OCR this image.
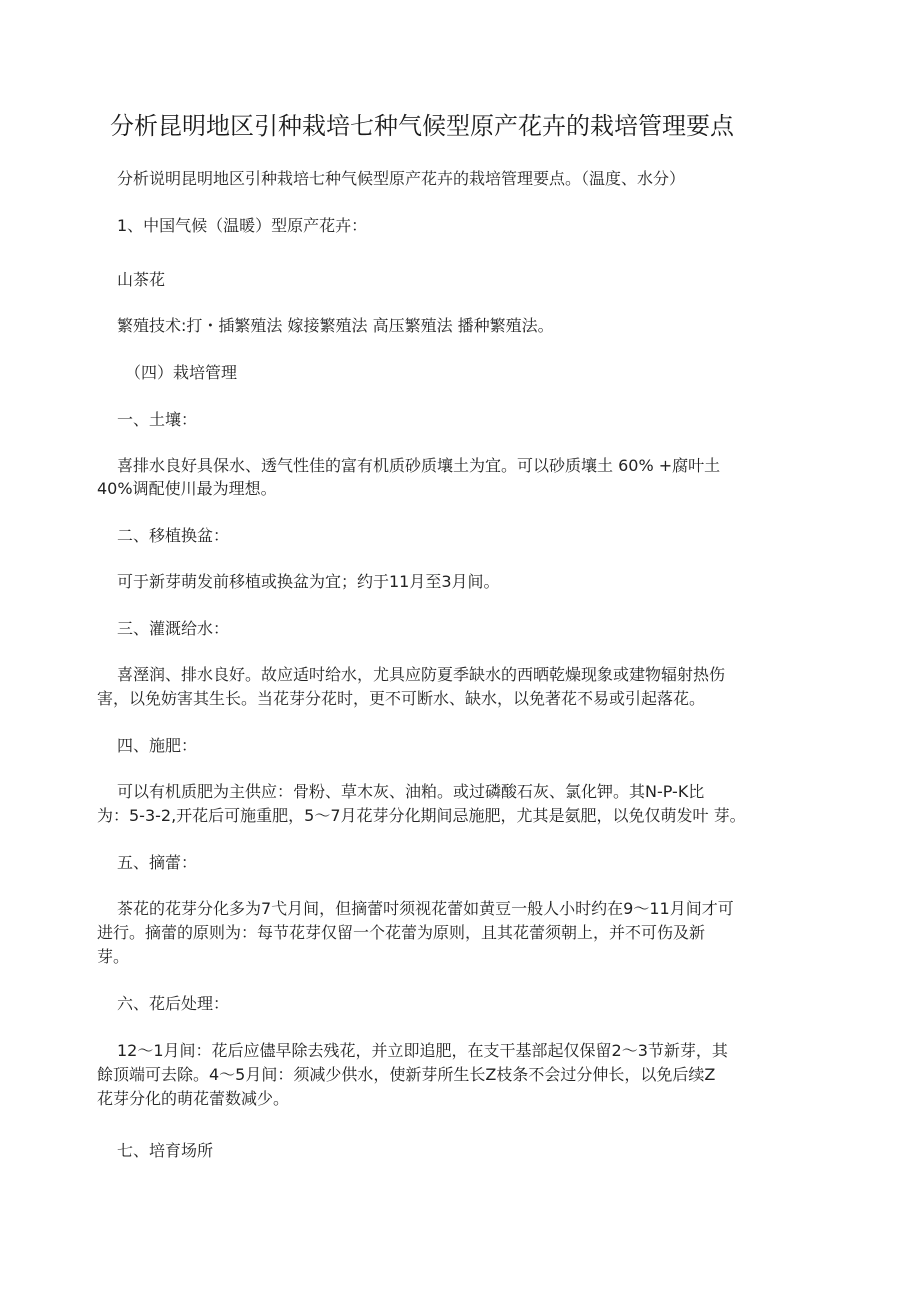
分析昆明地区引种栽培七种气候型原产花卉的栽培管理要点
分析说明昆明地区引种栽培七种气候型原产花卉的栽培管理要点。（温度、水分）
1、中国气候（温暖）型原产花卉：
山茶花
繁殖技术:打・插繁殖法 嫁接繁殖法 高压繁殖法 播种繁殖法。
（四）栽培管理
一、土壤：
喜排水良好具保水、透气性佳的富有机质砂质壤土为宜。可以砂质壤土 60% +腐叶土
40%调配使川最为理想。
二、移植换盆：
可于新芽萌发前移植或换盆为宜；约于11月至3月间。
三、灌溉给水：
喜溼润、排水良好。故应适吋给水，尤具应防夏季缺水的西晒乾燥现象或建物辐射热伤
害，以免妨害其生长。当花芽分花时，更不可断水、缺水，以免著花不易或引起落花。
四、施肥：
可以有机质肥为主供应：骨粉、草木灰、油粕。或过磷酸石灰、氯化钾。其N-P-K比
为：5-3-2,开花后可施重肥，5～7月花芽分化期间忌施肥，尤其是氨肥，以免仅萌发叶 芽。
五、摘蕾：
茶花的花芽分化多为7弋月间，但摘蕾吋须视花蕾如黄豆一般人小时约在9～11月间才可
进行。摘蕾的原则为：每节花芽仅留一个花蕾为原则，且其花蕾须朝上，并不可伤及新
芽。
六、花后处理：
12～1月间：花后应儘早除去残花，并立即追肥，在支干基部起仅保留2～3节新芽，其
餘顶端可去除。4～5月间：须减少供水，使新芽所生长Z枝条不会过分伸长，以免后续Z
花芽分化的萌花蕾数减少。
七、培育场所
